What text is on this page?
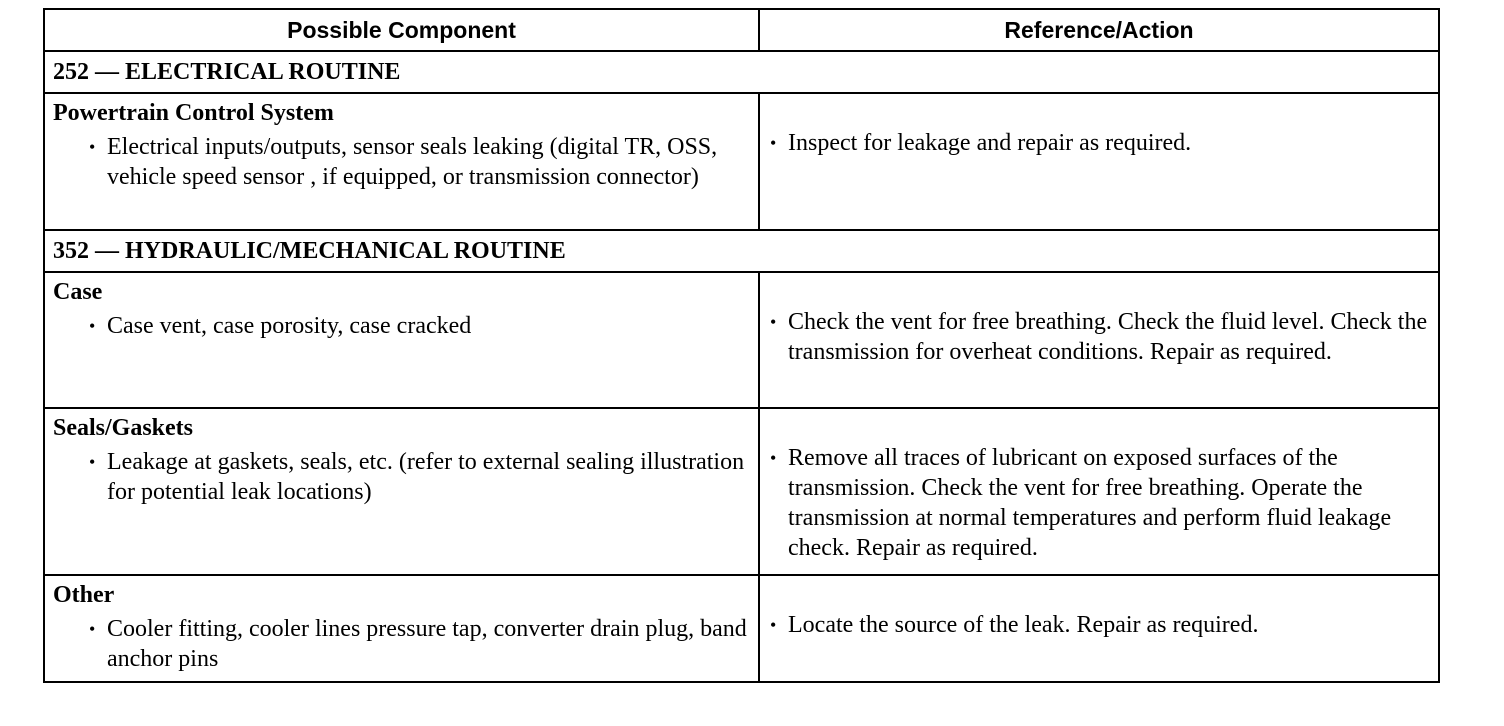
Possible Component	Reference/Action
252 — ELECTRICAL ROUTINE
Powertrain Control System
• Electrical inputs/outputs, sensor seals leaking (digital TR, OSS, vehicle speed sensor , if equipped, or transmission connector)
• Inspect for leakage and repair as required.
352 — HYDRAULIC/MECHANICAL ROUTINE
Case
• Case vent, case porosity, case cracked	• Check the vent for free breathing. Check the fluid level. Check the transmission for overheat conditions. Repair as required.
Seals/Gaskets
• Leakage at gaskets, seals, etc. (refer to external sealing illustration for potential leak locations)
• Remove all traces of lubricant on exposed surfaces of the transmission. Check the vent for free breathing. Operate the transmission at normal temperatures and perform fluid leakage check. Repair as required.
Other
• Cooler fitting, cooler lines pressure tap, converter drain plug, band anchor pins
• Locate the source of the leak. Repair as required.
